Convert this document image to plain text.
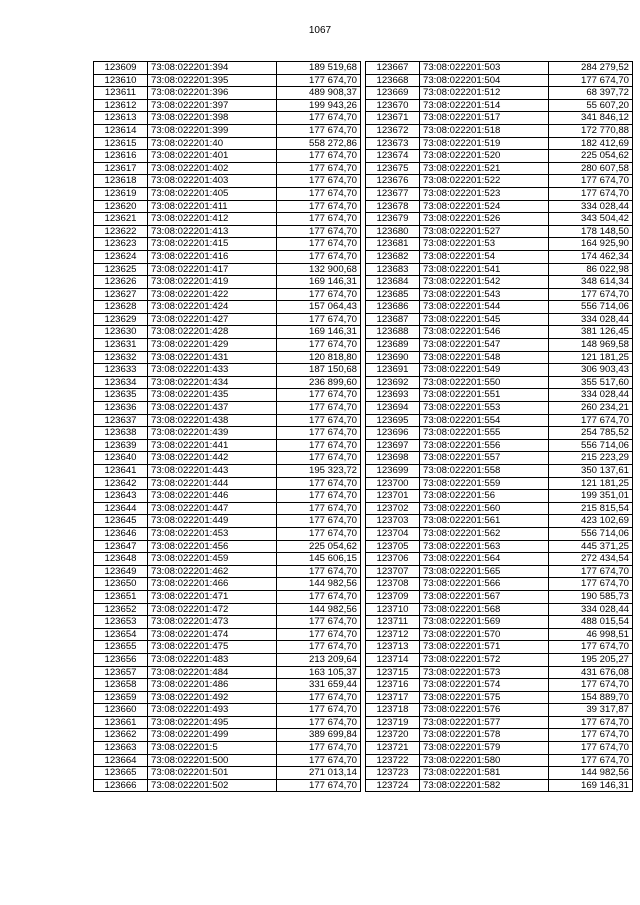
1067
123609	73:08:022201:394	189 519,68
123610	73:08:022201:395	177 674,70
123611	73:08:022201:396	489 908,37
123612	73:08:022201:397	199 943,26
123613	73:08:022201:398	177 674,70
123614	73:08:022201:399	177 674,70
123615	73:08:022201:40	558 272,86
123616	73:08:022201:401	177 674,70
123617	73:08:022201:402	177 674,70
123618	73:08:022201:403	177 674,70
123619	73:08:022201:405	177 674,70
123620	73:08:022201:411	177 674,70
123621	73:08:022201:412	177 674,70
123622	73:08:022201:413	177 674,70
123623	73:08:022201:415	177 674,70
123624	73:08:022201:416	177 674,70
123625	73:08:022201:417	132 900,68
123626	73:08:022201:419	169 146,31
123627	73:08:022201:422	177 674,70
123628	73:08:022201:424	157 064,43
123629	73:08:022201:427	177 674,70
123630	73:08:022201:428	169 146,31
123631	73:08:022201:429	177 674,70
123632	73:08:022201:431	120 818,80
123633	73:08:022201:433	187 150,68
123634	73:08:022201:434	236 899,60
123635	73:08:022201:435	177 674,70
123636	73:08:022201:437	177 674,70
123637	73:08:022201:438	177 674,70
123638	73:08:022201:439	177 674,70
123639	73:08:022201:441	177 674,70
123640	73:08:022201:442	177 674,70
123641	73:08:022201:443	195 323,72
123642	73:08:022201:444	177 674,70
123643	73:08:022201:446	177 674,70
123644	73:08:022201:447	177 674,70
123645	73:08:022201:449	177 674,70
123646	73:08:022201:453	177 674,70
123647	73:08:022201:456	225 054,62
123648	73:08:022201:459	145 606,15
123649	73:08:022201:462	177 674,70
123650	73:08:022201:466	144 982,56
123651	73:08:022201:471	177 674,70
123652	73:08:022201:472	144 982,56
123653	73:08:022201:473	177 674,70
123654	73:08:022201:474	177 674,70
123655	73:08:022201:475	177 674,70
123656	73:08:022201:483	213 209,64
123657	73:08:022201:484	163 105,37
123658	73:08:022201:486	331 659,44
123659	73:08:022201:492	177 674,70
123660	73:08:022201:493	177 674,70
123661	73:08:022201:495	177 674,70
123662	73:08:022201:499	389 699,84
123663	73:08:022201:5	177 674,70
123664	73:08:022201:500	177 674,70
123665	73:08:022201:501	271 013,14
123666	73:08:022201:502	177 674,70
123667	73:08:022201:503	284 279,52
123668	73:08:022201:504	177 674,70
123669	73:08:022201:512	68 397,72
123670	73:08:022201:514	55 607,20
123671	73:08:022201:517	341 846,12
123672	73:08:022201:518	172 770,88
123673	73:08:022201:519	182 412,69
123674	73:08:022201:520	225 054,62
123675	73:08:022201:521	280 607,58
123676	73:08:022201:522	177 674,70
123677	73:08:022201:523	177 674,70
123678	73:08:022201:524	334 028,44
123679	73:08:022201:526	343 504,42
123680	73:08:022201:527	178 148,50
123681	73:08:022201:53	164 925,90
123682	73:08:022201:54	174 462,34
123683	73:08:022201:541	86 022,98
123684	73:08:022201:542	348 614,34
123685	73:08:022201:543	177 674,70
123686	73:08:022201:544	556 714,06
123687	73:08:022201:545	334 028,44
123688	73:08:022201:546	381 126,45
123689	73:08:022201:547	148 969,58
123690	73:08:022201:548	121 181,25
123691	73:08:022201:549	306 903,43
123692	73:08:022201:550	355 517,60
123693	73:08:022201:551	334 028,44
123694	73:08:022201:553	260 234,21
123695	73:08:022201:554	177 674,70
123696	73:08:022201:555	254 785,52
123697	73:08:022201:556	556 714,06
123698	73:08:022201:557	215 223,29
123699	73:08:022201:558	350 137,61
123700	73:08:022201:559	121 181,25
123701	73:08:022201:56	199 351,01
123702	73:08:022201:560	215 815,54
123703	73:08:022201:561	423 102,69
123704	73:08:022201:562	556 714,06
123705	73:08:022201:563	445 371,25
123706	73:08:022201:564	272 434,54
123707	73:08:022201:565	177 674,70
123708	73:08:022201:566	177 674,70
123709	73:08:022201:567	190 585,73
123710	73:08:022201:568	334 028,44
123711	73:08:022201:569	488 015,54
123712	73:08:022201:570	46 998,51
123713	73:08:022201:571	177 674,70
123714	73:08:022201:572	195 205,27
123715	73:08:022201:573	431 676,08
123716	73:08:022201:574	177 674,70
123717	73:08:022201:575	154 889,70
123718	73:08:022201:576	39 317,87
123719	73:08:022201:577	177 674,70
123720	73:08:022201:578	177 674,70
123721	73:08:022201:579	177 674,70
123722	73:08:022201:580	177 674,70
123723	73:08:022201:581	144 982,56
123724	73:08:022201:582	169 146,31
